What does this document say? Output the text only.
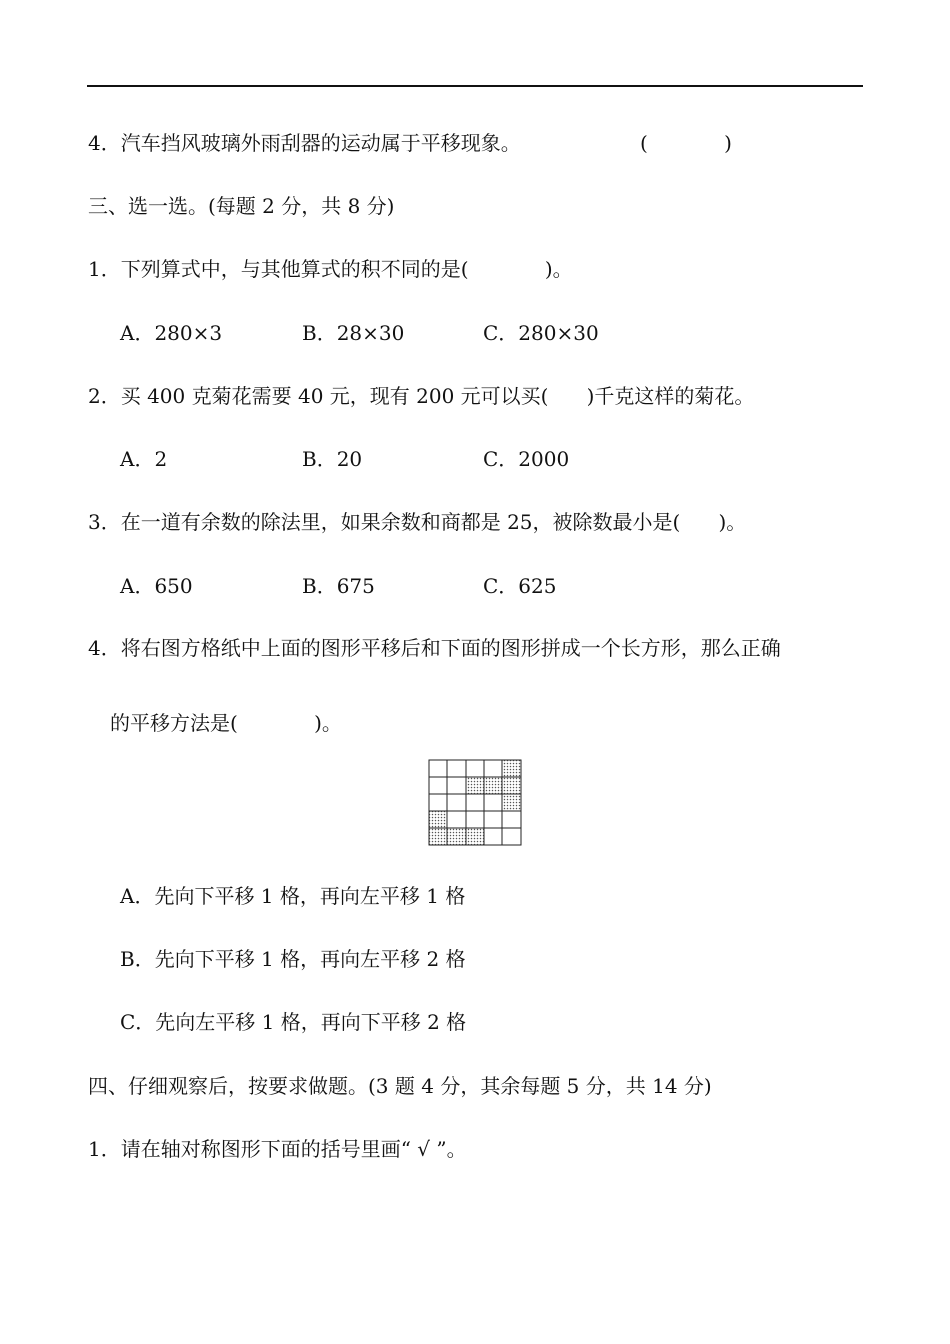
4．汽车挡风玻璃外雨刮器的运动属于平移现象。	(            )
三、选一选。(每题 2 分，共 8 分)
1．下列算式中，与其他算式的积不同的是(            )。
A．280×3	B．28×30	C．280×30
2．买 400 克菊花需要 40 元，现有 200 元可以买(      )千克这样的菊花。
A．2	B．20	C．2000
3．在一道有余数的除法里，如果余数和商都是 25，被除数最小是(      )。
A．650	B．675	C．625
4．将右图方格纸中上面的图形平移后和下面的图形拼成一个长方形，那么正确
的平移方法是(            )。
A．先向下平移 1 格，再向左平移 1 格
B．先向下平移 1 格，再向左平移 2 格
C．先向左平移 1 格，再向下平移 2 格
四、仔细观察后，按要求做题。(3 题 4 分，其余每题 5 分，共 14 分)
1．请在轴对称图形下面的括号里画“ √ ”。
